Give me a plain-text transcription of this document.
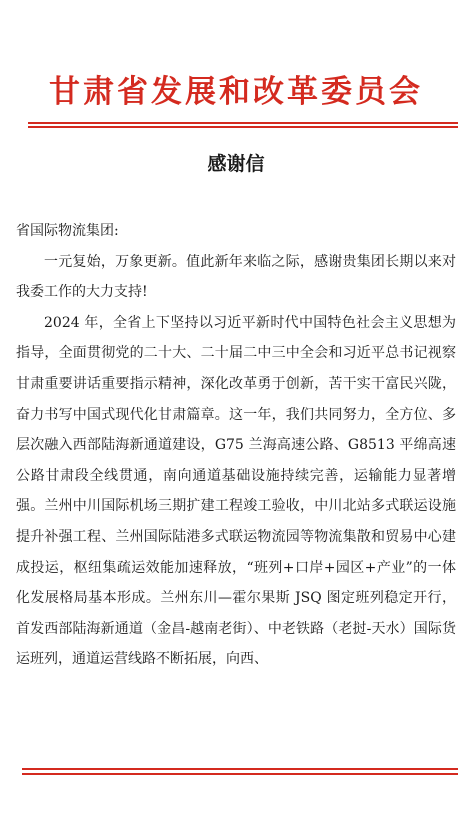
甘肃省发展和改革委员会
感谢信

省国际物流集团:

一元复始，万象更新。值此新年来临之际，感谢贵集团长期以来对我委工作的大力支持!

2024 年，全省上下坚持以习近平新时代中国特色社会主义思想为指导，全面贯彻党的二十大、二十届二中三中全会和习近平总书记视察甘肃重要讲话重要指示精神，深化改革勇于创新，苦干实干富民兴陇，奋力书写中国式现代化甘肃篇章。这一年，我们共同努力，全方位、多层次融入西部陆海新通道建设，G75 兰海高速公路、G8513 平绵高速公路甘肃段全线贯通，南向通道基础设施持续完善，运输能力显著增强。兰州中川国际机场三期扩建工程竣工验收，中川北站多式联运设施提升补强工程、兰州国际陆港多式联运物流园等物流集散和贸易中心建成投运，枢纽集疏运效能加速释放，“班列+口岸+园区+产业”的一体化发展格局基本形成。兰州东川—霍尔果斯 JSQ 图定班列稳定开行，首发西部陆海新通道（金昌-越南老街）、中老铁路（老挝-天水）国际货运班列，通道运营线路不断拓展，向西、
